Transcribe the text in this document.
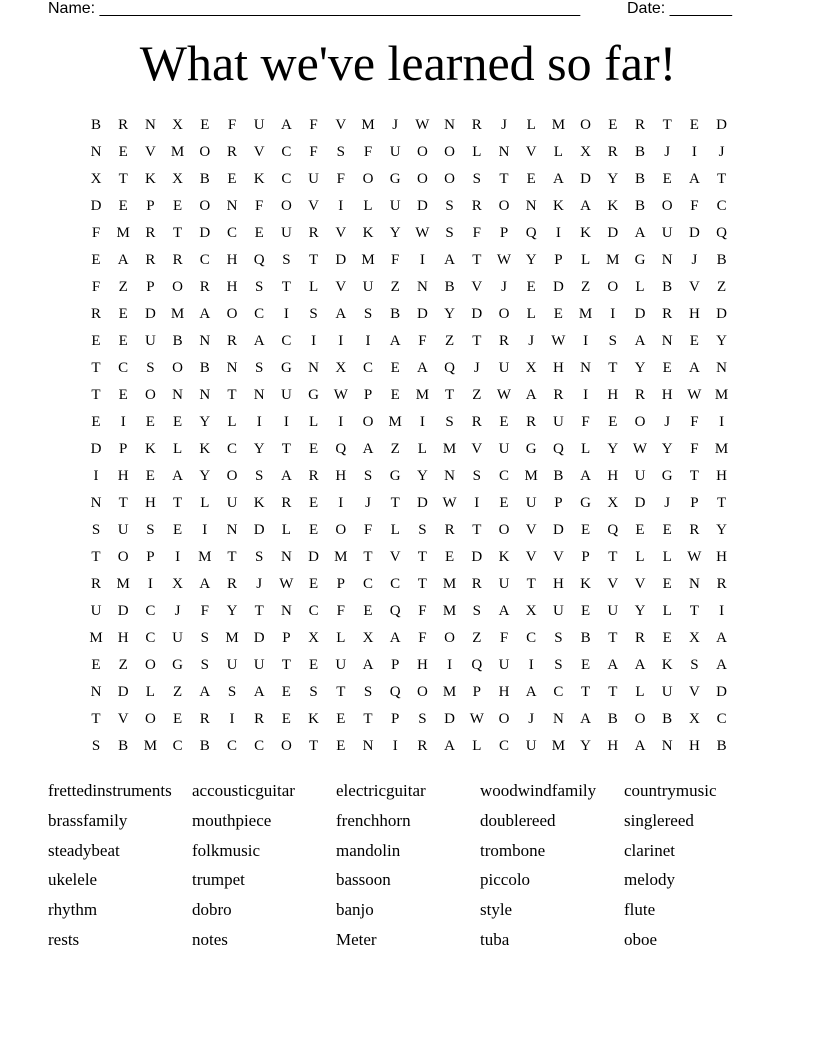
Name: ______________________________________________________	Date: _______
What we've learned so far!
B	R	N	X	E	F	U	A	F	V	M	J	W N	R	J	L	M	O	E	R	T	E	D
N	E	V	M	O	R	V	C	F	S	F	U	O	O	L	N	V	L	X	R	B	J	I	J
X	T	K	X	B	E	K	C	U	F	O	G	O	O	S	T	E	A	D	Y	B	E	A	T
D	E	P	E	O	N	F	O	V	I	L	U	D	S	R	O	N	K	A	K	B	O	F	C
F	M	R	T	D	C	E	U	R	V	K	Y W	S	F	P	Q	I	K	D	A	U	D	Q
E	A	R	R	C	H	Q	S	T	D	M	F	I	A	T	W Y	P	L	M	G	N	J	B
F	Z	P	O	R	H	S	T	L	V	U	Z	N	B	V	J	E	D	Z	O	L	B	V	Z
R	E	D	M	A	O	C	I	S	A	S	B	D	Y	D	O	L	E	M	I	D	R	H	D
E	E	U	B	N	R	A	C	I	I	I	A	F	Z	T	R	J	W	I	S	A	N	E	Y
T	C	S	O	B	N	S	G	N	X	C	E	A	Q	J	U	X	H	N	T	Y	E	A	N
T	E	O	N	N	T	N	U	G W	P	E	M	T	Z	W A	R	I	H	R	H W M
E	I	E	E	Y	L	I	I	L	I	O	M	I	S	R	E	R	U	F	E	O	J	F	I
D	P	K	L	K	C	Y	T	E	Q	A	Z	L	M	V	U	G	Q	L	Y W Y	F	M
I	H	E	A	Y	O	S	A	R	H	S	G	Y	N	S	C	M	B	A	H	U	G	T	H
N	T	H	T	L	U	K	R	E	I	J	T	D W	I	E	U	P	G	X	D	J	P	T
S	U	S	E	I	N	D	L	E	O	F	L	S	R	T	O	V	D	E	Q	E	E	R	Y
T	O	P	I	M	T	S	N	D	M	T	V	T	E	D	K	V	V	P	T	L	L	W H
R	M	I	X	A	R	J	W	E	P	C	C	T	M	R	U	T	H	K	V	V	E	N	R
U	D	C	J	F	Y	T	N	C	F	E	Q	F	M	S	A	X	U	E	U	Y	L	T	I
M	H	C	U	S	M	D	P	X	L	X	A	F	O	Z	F	C	S	B	T	R	E	X	A
E	Z	O	G	S	U	U	T	E	U	A	P	H	I	Q	U	I	S	E	A	A	K	S	A
N	D	L	Z	A	S	A	E	S	T	S	Q	O	M	P	H	A	C	T	T	L	U	V	D
T	V	O	E	R	I	R	E	K	E	T	P	S	D W O	J	N	A	B	O	B	X	C
S	B	M	C	B	C	C	O	T	E	N	I	R	A	L	C	U	M	Y	H	A	N	H	B
frettedinstruments accousticguitar electricguitar	woodwindfamily countrymusic
brassfamily	mouthpiece	frenchhorn	doublereed	singlereed
steadybeat	folkmusic	mandolin	trombone	clarinet
ukelele	trumpet	bassoon	piccolo	melody
rhythm	dobro	banjo	style	flute
rests	notes	Meter	tuba	oboe
